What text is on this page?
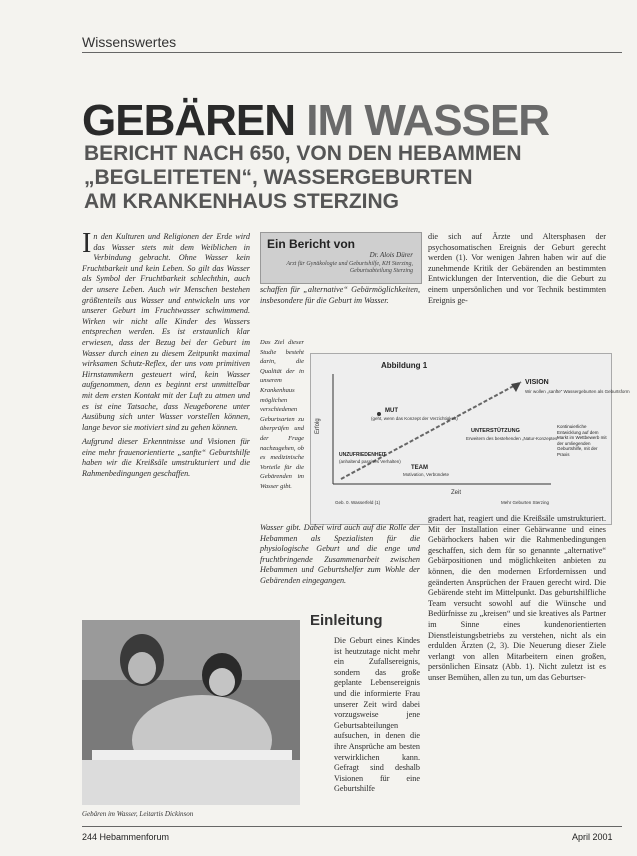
Wissenswertes
GEBÄREN IM WASSER
BERICHT NACH 650, VON DEN HEBAMMEN
„BEGLEITETEN“, WASSERGEBURTEN
AM KRANKENHAUS STERZING
I n den Kulturen und Religionen der Erde wird das Wasser stets mit dem Weiblichen in Verbindung gebracht. Ohne Wasser kein Fruchtbarkeit und kein Leben. So gilt das Wasser als Symbol der Fruchtbarkeit schlechthin, auch der unsere Leben. Auch wir Menschen bestehen größtenteils aus Wasser und entwickeln uns vor unserer Geburt im Fruchtwasser schwimmend. Wirken wir nicht alle Kinder des Wassers entsprechen werden. Es ist erstaunlich klar erwiesen, dass der Bezug bei der Geburt im Wasser durch einen zu diesem Zeitpunkt maximal wirksamen Schutz-Reflex, der uns vom primitiven Hirnstammkern gesteuert wird, kein Wasser aufgenommen, denn es beginnt erst unmittelbar mit dem ersten Kontakt mit der Luft zu atmen und es ist eine Tatsache, dass Neugeborene unter Ausübung sich unter Wasser vorstellen können, lange bevor sie motiviert sind zu gehen können.

Aufgrund dieser Erkenntnisse und Visionen für eine mehr frauenorientierte „sanfte“ Geburtshilfe haben wir die Kreißsäle umstrukturiert und die Rahmenbedingungen geschaffen.

Ein Bericht von
Dr. Alois Dürer
Arzt für Gynäkologie und Geburtshilfe, KH Sterzing, Geburtsabteilung Sterzing

schaffen für „alternative“ Gebärmöglichkeiten, insbesondere für die Geburt im Wasser.

Das Ziel dieser Studie besteht darin, die Qualität der in unserem Krankenhaus möglichen verschiedenen Geburtsarten zu überprüfen und der Frage nachzugehen, ob es medizinische Vorteile für die Gebärenden im Wasser gibt.

Abbildung 1
Erfolg
Zeit
VISION
Wir wollen „sanfte“ Wassergeburten als Geburtsform
MUT
(geht, wenn das Konzept der Verzichtigkeit)
UNZUFRIEDENHEIT
(anhaltend passives Verhalten)
UNTERSTÜTZUNG
Erweitern des bestehenden „Natur-Konzeptes“
TEAM
Motivation, Verbündete
Kontinuierliche Entwicklung auf dem Markt im Wettbewerb mit der umliegenden Geburtshilfe, mit der Praxis
Geb. 0. Wasserfeld (1)	Mehr Geburten Sterzing

Wasser gibt. Dabei wird auch auf die Rolle der Hebammen als Spezialisten für die physiologische Geburt und die enge und fruchtbringende Zusammenarbeit zwischen Hebammen und Geburtshelfer zum Wohle der Gebärenden eingegangen.

die sich auf Ärzte und Altersphasen der psychosomatischen Ereignis der Geburt gerecht werden (1). Vor wenigen Jahren haben wir auf die zunehmende Kritik der Gebärenden an bestimmten Entwicklungen der Intervention, die die Geburt zu einem unpersönlichen und vor Technik bestimmten Ereignis ge-

gradert hat, reagiert und die Kreißsäle umstrukturiert. Mit der Installation einer Gebärwanne und eines Gebärhockers haben wir die Rahmenbedingungen geschaffen, sich dem für so genannte „alternative“ Gebärpositionen und möglichkeiten anbieten zu können, die den modernen Erfordernissen und geänderten Ansprüchen der Frauen gerecht wird. Die Gebärende steht im Mittelpunkt. Das geburtshilfliche Team versucht sowohl auf die Wünsche und Bedürfnisse zu „kreisen“ und sie kreatives als Partner im Sinne eines kundenorientierten Dienstleistungsbetriebs zu verstehen, nicht als ein erdulden Ärzten (2, 3). Die Neuerung dieser Ziele verlangt von allen Mitarbeitern einen großen, persönlichen Einsatz (Abb. 1). Nicht zuletzt ist es unser Bemühen, allen zu tun, um das Geburtser-

Einleitung

Die Geburt eines Kindes ist heutzutage nicht mehr ein Zufallsereignis, sondern das große geplante Lebensereignis und die informierte Frau unserer Zeit wird dabei vorzugsweise jene Geburtsabteilungen aufsuchen, in denen die ihre Ansprüche am besten verwirklichen kann. Gefragt sind deshalb Visionen für eine Geburtshilfe

Gebären im Wasser, Leitartis Dickinson
244 Hebammenforum	April 2001
